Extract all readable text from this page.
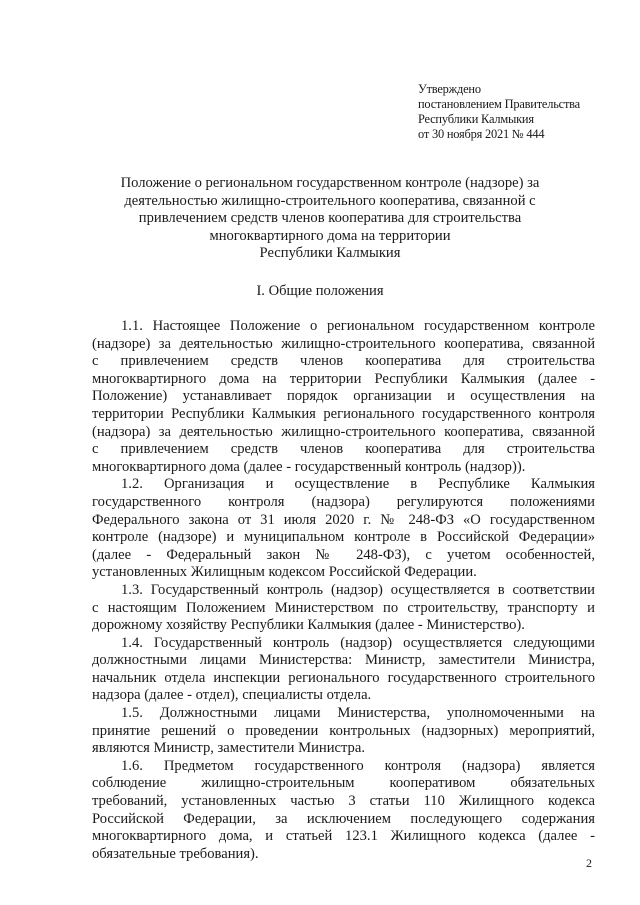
Утверждено
постановлением Правительства
Республики Калмыкия
от 30 ноября 2021 № 444
Положение о региональном государственном контроле (надзоре) за
деятельностью жилищно-строительного кооператива, связанной с
привлечением средств членов кооператива для строительства
многоквартирного дома на территории
Республики Калмыкия
I. Общие положения
1.1. Настоящее Положение о региональном государственном контроле
(надзоре) за деятельностью жилищно-строительного кооператива, связанной
с привлечением средств членов кооператива для строительства
многоквартирного дома на территории Республики Калмыкия (далее -
Положение) устанавливает порядок организации и осуществления на
территории Республики Калмыкия регионального государственного контроля
(надзора) за деятельностью жилищно-строительного кооператива, связанной
с привлечением средств членов кооператива для строительства
многоквартирного дома (далее - государственный контроль (надзор)).
1.2. Организация и осуществление в Республике Калмыкия
государственного контроля (надзора) регулируются положениями
Федерального закона от 31 июля 2020 г. № 248-ФЗ «О государственном
контроле (надзоре) и муниципальном контроле в Российской Федерации»
(далее - Федеральный закон № 248-ФЗ), с учетом особенностей,
установленных Жилищным кодексом Российской Федерации.
1.3. Государственный контроль (надзор) осуществляется в соответствии
с настоящим Положением Министерством по строительству, транспорту и
дорожному хозяйству Республики Калмыкия (далее - Министерство).
1.4. Государственный контроль (надзор) осуществляется следующими
должностными лицами Министерства: Министр, заместители Министра,
начальник отдела инспекции регионального государственного строительного
надзора (далее - отдел), специалисты отдела.
1.5. Должностными лицами Министерства, уполномоченными на
принятие решений о проведении контрольных (надзорных) мероприятий,
являются Министр, заместители Министра.
1.6. Предметом государственного контроля (надзора) является
соблюдение жилищно-строительным кооперативом обязательных
требований, установленных частью 3 статьи 110 Жилищного кодекса
Российской Федерации, за исключением последующего содержания
многоквартирного дома, и статьей 123.1 Жилищного кодекса (далее -
обязательные требования).
2
